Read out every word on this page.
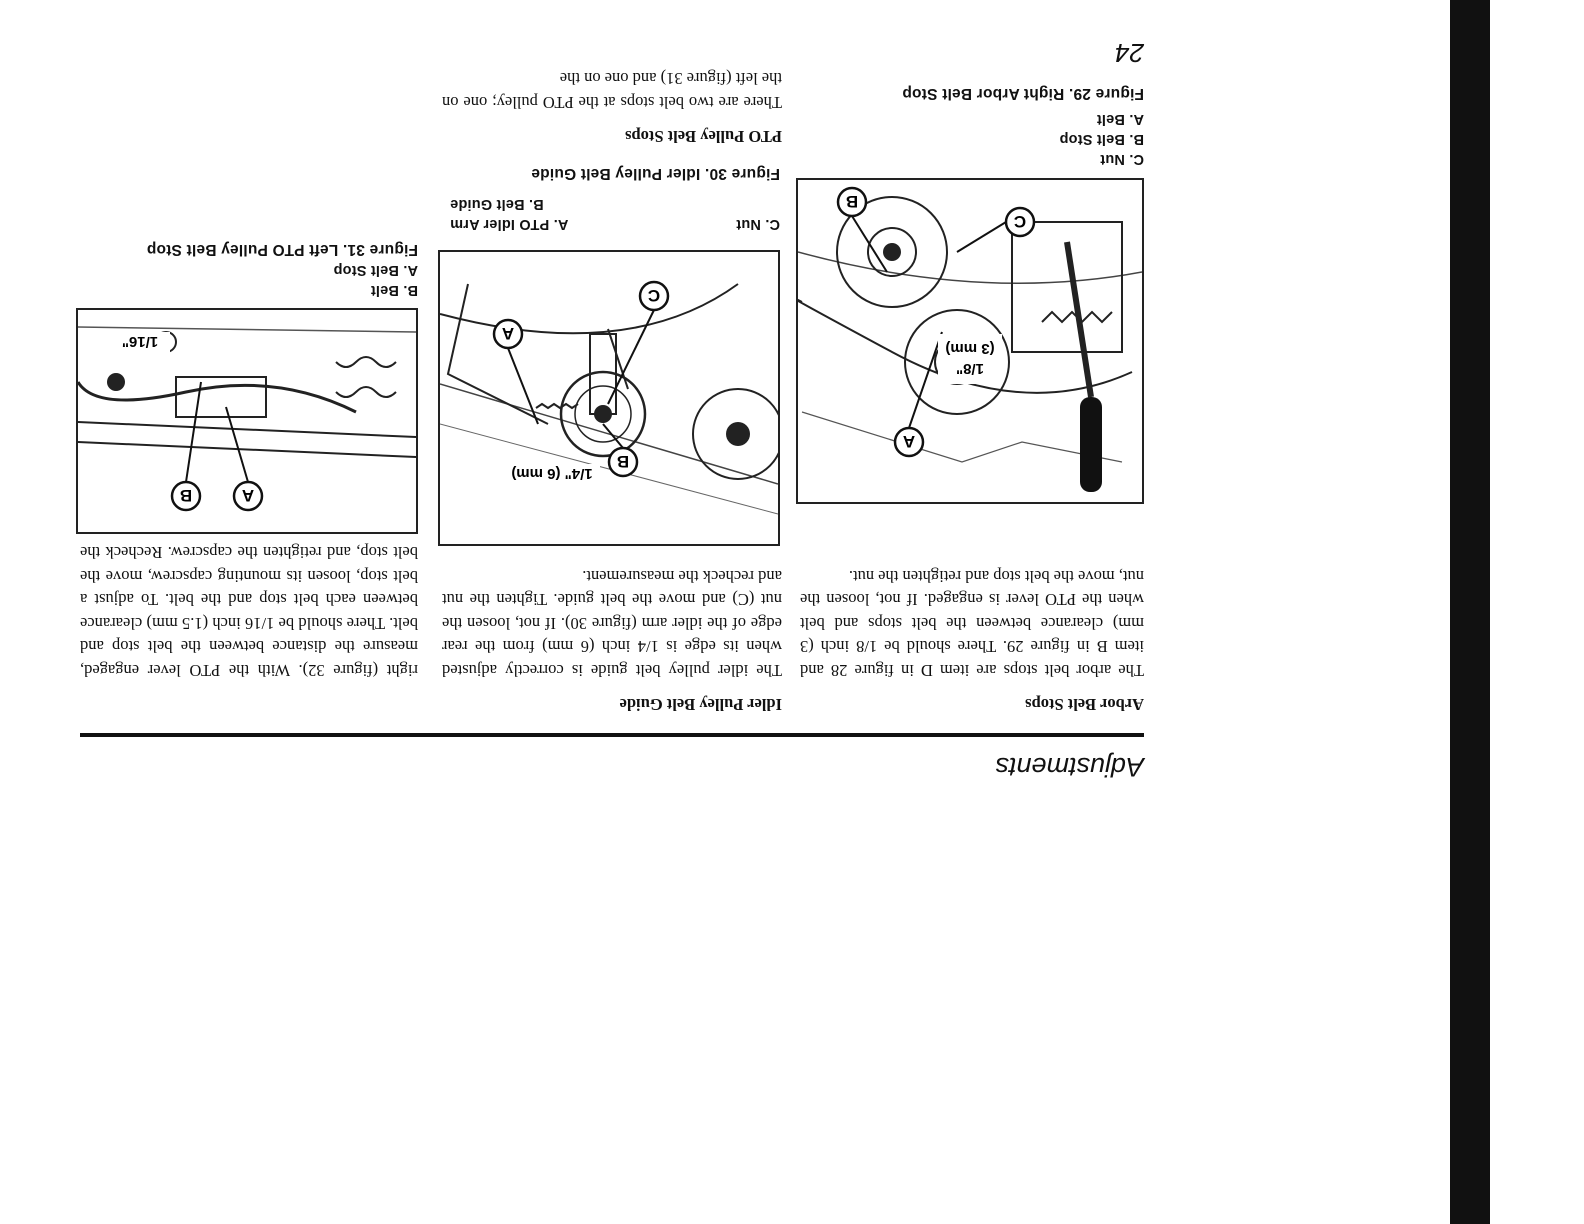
Adjustments
24
Arbor Belt Stops
The arbor belt stops are item D in figure 28 and item B in figure 29. There should be 1/8 inch (3 mm) clearance between the belt stops and belt when the PTO lever is engaged. If not, loosen the nut, move the belt stop and retighten the nut.
A
B
C
1/8"
(3 mm)
Figure 29. Right Arbor Belt Stop
C. Nut
B. Belt Stop
A. Belt
Idler Pulley Belt Guide
The idler pulley belt guide is correctly adjusted when its edge is 1/4 inch (6 mm) from the rear edge of the idler arm (figure 30). If not, loosen the nut (C) and move the belt guide. Tighten the nut and recheck the measurement.
A
B
C
1/4" (6 mm)
Figure 30. Idler Pulley Belt Guide
C. Nut
A. PTO Idler Arm
B. Belt Guide
PTO Pulley Belt Stops
There are two belt stops at the PTO pulley; one on the left (figure 31) and one on the
right (figure 32). With the PTO lever engaged, measure the distance between the belt stop and belt. There should be 1/16 inch (1.5 mm) clearance between each belt stop and the belt. To adjust a belt stop, loosen its mounting capscrew, move the belt stop, and retighten the capscrew. Recheck the
A
B
1/16"
Figure 31. Left PTO Pulley Belt Stop
B. Belt
A. Belt Stop
